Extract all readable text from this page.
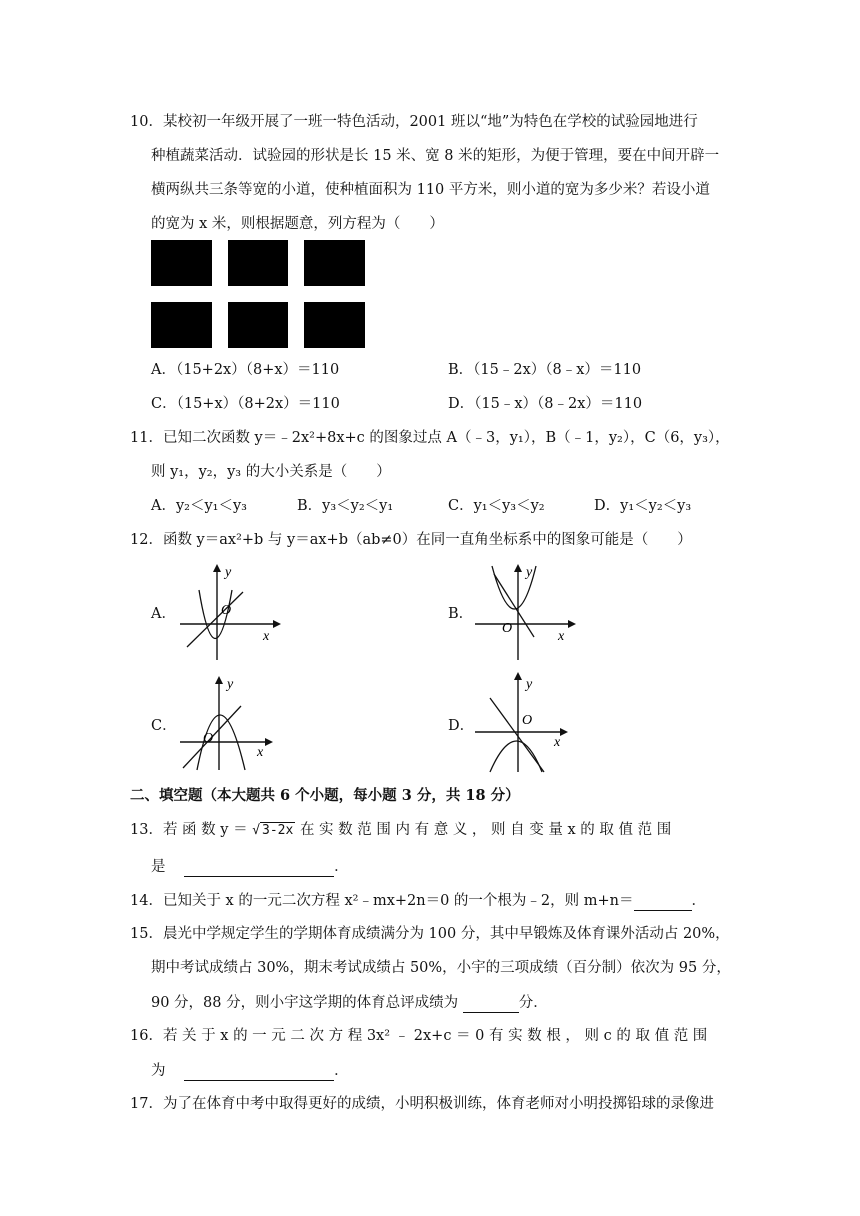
10．某校初一年级开展了一班一特色活动，2001 班以“地”为特色在学校的试验园地进行
种植蔬菜活动．试验园的形状是长 15 米、宽 8 米的矩形，为便于管理，要在中间开辟一
横两纵共三条等宽的小道，使种植面积为 110 平方米，则小道的宽为多少米？若设小道
的宽为 x 米，则根据题意，列方程为（　　）
A．（15+2x）（8+x）＝110	B．（15﹣2x）（8﹣x）＝110
C．（15+x）（8+2x）＝110	D．（15﹣x）（8﹣2x）＝110
11．已知二次函数 y＝﹣2x²+8x+c 的图象过点 A（﹣3，y₁），B（﹣1，y₂），C（6，y₃），
则 y₁，y₂，y₃ 的大小关系是（　　）
A．y₂＜y₁＜y₃	B．y₃＜y₂＜y₁	C．y₁＜y₃＜y₂	D．y₁＜y₂＜y₃
12．函数 y＝ax²+b 与 y＝ax+b（ab≠0）在同一直角坐标系中的图象可能是（　　）
A．
y
x
O	B．
y
x
O
C．
y
x
O
D．
y
x
O
二、填空题（本大题共 6 个小题，每小题 3 分，共 18 分）
13．若 函 数 y ＝ √ 3-2x 在 实 数 范 围 内 有 意 义 ， 则 自 变 量 x 的 取 值 范 围
是	．
14．已知关于 x 的一元二次方程 x²﹣mx+2n＝0 的一个根为﹣2，则 m+n＝	．
15．晨光中学规定学生的学期体育成绩满分为 100 分，其中早锻炼及体育课外活动占 20%，
期中考试成绩占 30%，期末考试成绩占 50%，小宇的三项成绩（百分制）依次为 95 分，
90 分，88 分，则小宇这学期的体育总评成绩为	分．
16．若 关 于 x 的 一 元 二 次 方 程 3x² ﹣ 2x+c ＝ 0 有 实 数 根 ， 则 c 的 取 值 范 围
为	．
17．为了在体育中考中取得更好的成绩，小明积极训练，体育老师对小明投掷铅球的录像进
